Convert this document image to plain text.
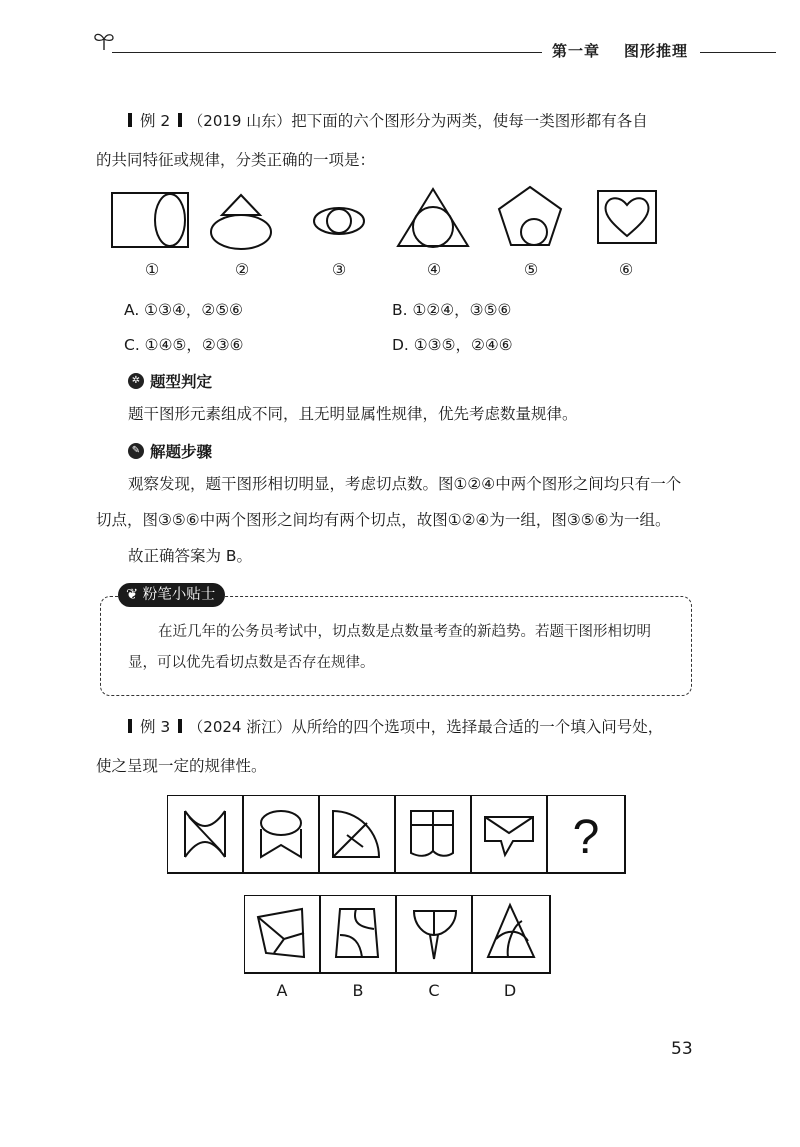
第一章 图形推理
例 2 （2019 山东）把下面的六个图形分为两类，使每一类图形都有各自
的共同特征或规律，分类正确的一项是：
①	②	③	④	⑤	⑥
A. ①③④，②⑤⑥	B. ①②④，③⑤⑥
C. ①④⑤，②③⑥	D. ①③⑤，②④⑥
✲ 题型判定
题干图形元素组成不同，且无明显属性规律，优先考虑数量规律。
✎ 解题步骤
观察发现，题干图形相切明显，考虑切点数。图①②④中两个图形之间均只有一个
切点，图③⑤⑥中两个图形之间均有两个切点，故图①②④为一组，图③⑤⑥为一组。
故正确答案为 B。
❦ 粉笔小贴士
在近几年的公务员考试中，切点数是点数量考查的新趋势。若题干图形相切明
显，可以优先看切点数是否存在规律。
例 3 （2024 浙江）从所给的四个选项中，选择最合适的一个填入问号处，
使之呈现一定的规律性。
?
A	B	C	D
53
